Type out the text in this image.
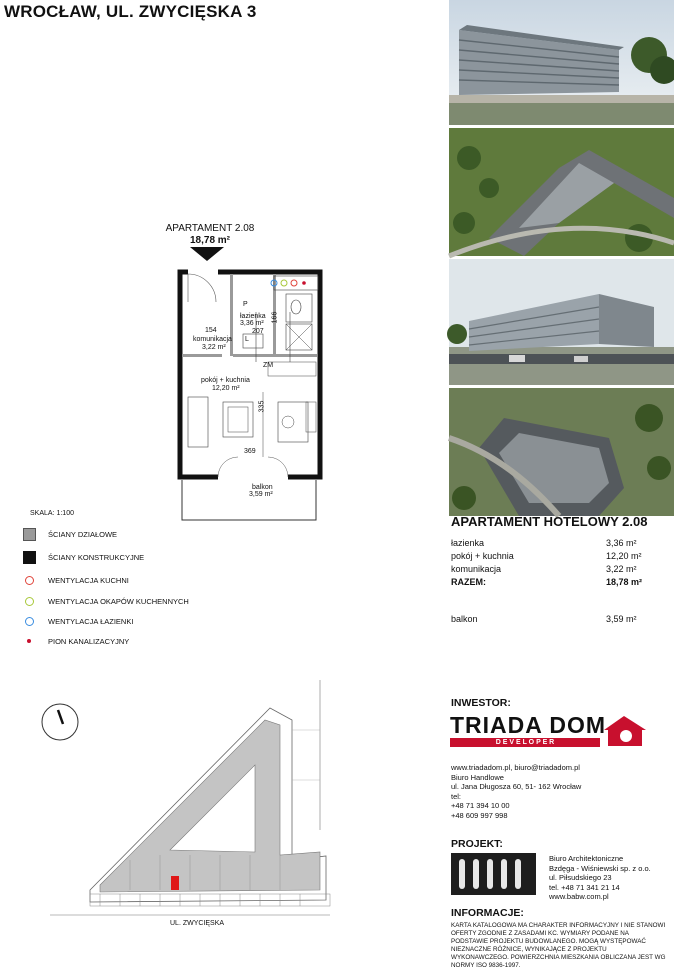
WROCŁAW, UL. ZWYCIĘSKA 3
APARTAMENT 2.08
18,78 m²
P
łazienka
3,36 m²
207
166
154
komunikacja
3,22 m²
L
ZM
pokój + kuchnia
12,20 m²
335
369
balkon
3,59 m²
SKALA: 1:100
ŚCIANY DZIAŁOWE
ŚCIANY KONSTRUKCYJNE
WENTYLACJA KUCHNI
WENTYLACJA OKAPÓW KUCHENNYCH
WENTYLACJA ŁAZIENKI
PION KANALIZACYJNY
APARTAMENT HOTELOWY 2.08
łazienka	3,36 m²
pokój + kuchnia	12,20 m²
komunikacja	3,22 m²
RAZEM:	18,78 m²
balkon	3,59 m²
UL. ZWYCIĘSKA
INWESTOR:
TRIADA DOM
D E V E L O P E R
www.triadadom.pl, biuro@triadadom.pl
Biuro Handlowe
ul. Jana Długosza 60, 51- 162 Wrocław
tel:
+48 71 394 10 00
+48 609 997 998
PROJEKT:
Biuro Architektoniczne
Bzdęga - Wiśniewski sp. z o.o.
ul. Piłsudskiego 23
tel. +48 71 341 21 14
www.babw.com.pl
INFORMACJE:
KARTA KATALOGOWA MA CHARAKTER INFORMACYJNY I NIE STANOWI OFERTY ZGODNIE Z ZASADAMI KC. WYMIARY PODANE NA PODSTAWIE PROJEKTU BUDOWLANEGO. MOGĄ WYSTĘPOWAĆ NIEZNACZNE RÓŻNICE, WYNIKAJĄCE Z PROJEKTU WYKONAWCZEGO. POWIERZCHNIA MIESZKANIA OBLICZANA JEST WG NORMY ISO 9836-1997.
